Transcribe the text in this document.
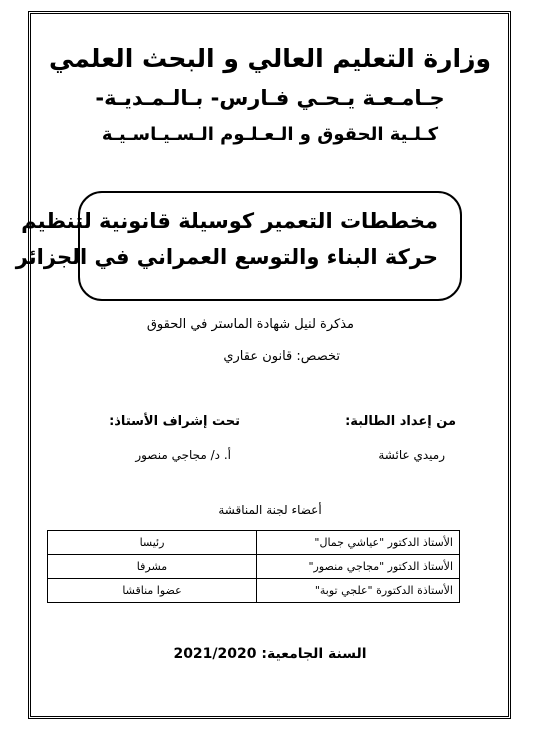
وزارة التعليم العالي و البحث العلمي
جـامـعـة يـحـي فـارس- بـالـمـديـة-
كـلـية الحقوق و الـعـلـوم الـسـيـاسـيـة
مخططات التعمير كوسيلة قانونية لتنظيم
حركة البناء والتوسع العمراني في الجزائر
مذكرة لنيل شهادة الماستر في الحقوق
تخصص: قانون عقاري
من إعداد الطالبة:
تحت إشراف الأستاذ:
رميدي عائشة
أ. د/ مجاجي منصور
أعضاء لجنة المناقشة
الأستاذ الدكتور "عياشي جمال"	رئيسا
الأستاذ الدكتور "مجاجي منصور"	مشرفا
الأستاذة الدكتورة "علجي توبة"	عضوا مناقشا
السنة الجامعية: 2021/2020
